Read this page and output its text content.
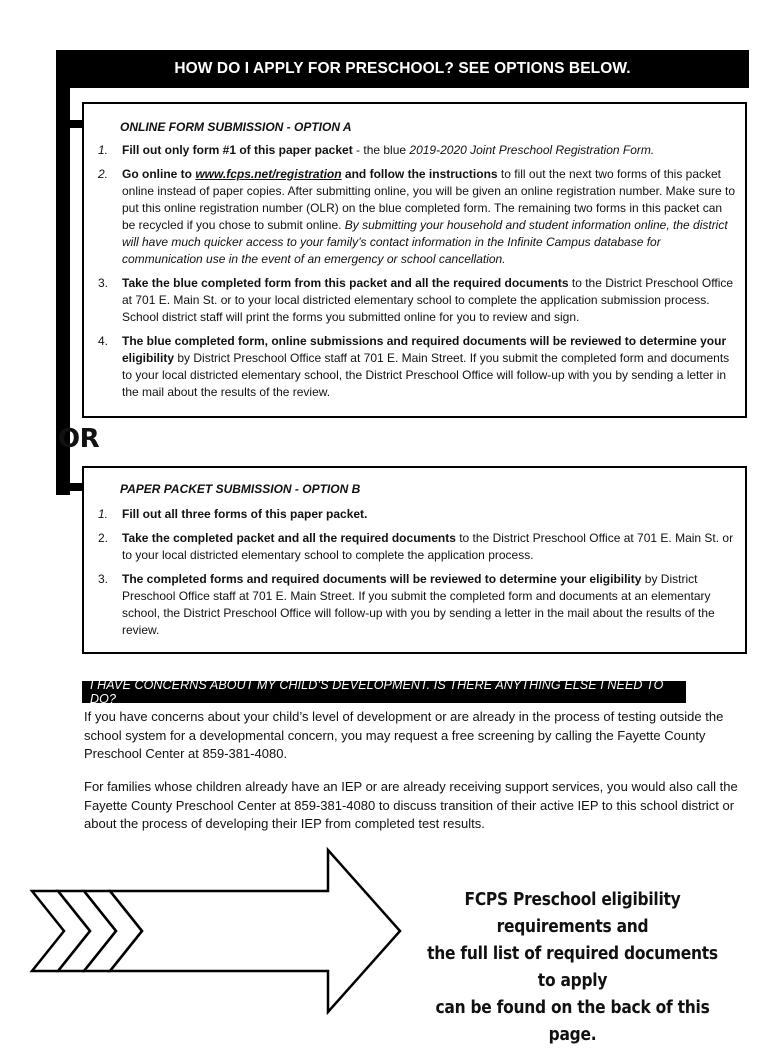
HOW DO I APPLY FOR PRESCHOOL? SEE OPTIONS BELOW.
ONLINE FORM SUBMISSION - OPTION A
1. Fill out only form #1 of this paper packet - the blue 2019-2020 Joint Preschool Registration Form.
2. Go online to www.fcps.net/registration and follow the instructions to fill out the next two forms of this packet online instead of paper copies. After submitting online, you will be given an online registration number. Make sure to put this online registration number (OLR) on the blue completed form. The remaining two forms in this packet can be recycled if you chose to submit online. By submitting your household and student information online, the district will have much quicker access to your family’s contact information in the Infinite Campus database for communication use in the event of an emergency or school cancellation.
3. Take the blue completed form from this packet and all the required documents to the District Preschool Office at 701 E. Main St. or to your local districted elementary school to complete the application submission process. School district staff will print the forms you submitted online for you to review and sign.
4. The blue completed form, online submissions and required documents will be reviewed to determine your eligibility by District Preschool Office staff at 701 E. Main Street. If you submit the completed form and documents to your local districted elementary school, the District Preschool Office will follow-up with you by sending a letter in the mail about the results of the review.
OR
PAPER PACKET SUBMISSION - OPTION B
1. Fill out all three forms of this paper packet.
2. Take the completed packet and all the required documents to the District Preschool Office at 701 E. Main St. or to your local districted elementary school to complete the application process.
3. The completed forms and required documents will be reviewed to determine your eligibility by District Preschool Office staff at 701 E. Main Street. If you submit the completed form and documents at an elementary school, the District Preschool Office will follow-up with you by sending a letter in the mail about the results of the review.
I HAVE CONCERNS ABOUT MY CHILD’S DEVELOPMENT. IS THERE ANYTHING ELSE I NEED TO DO?
If you have concerns about your child’s level of development or are already in the process of testing outside the school system for a developmental concern, you may request a free screening by calling the Fayette County Preschool Center at 859-381-4080.
For families whose children already have an IEP or are already receiving support services, you would also call the Fayette County Preschool Center at 859-381-4080 to discuss transition of their active IEP to this school district or about the process of developing their IEP from completed test results.
FCPS Preschool eligibility requirements and
the full list of required documents to apply
can be found on the back of this page.
